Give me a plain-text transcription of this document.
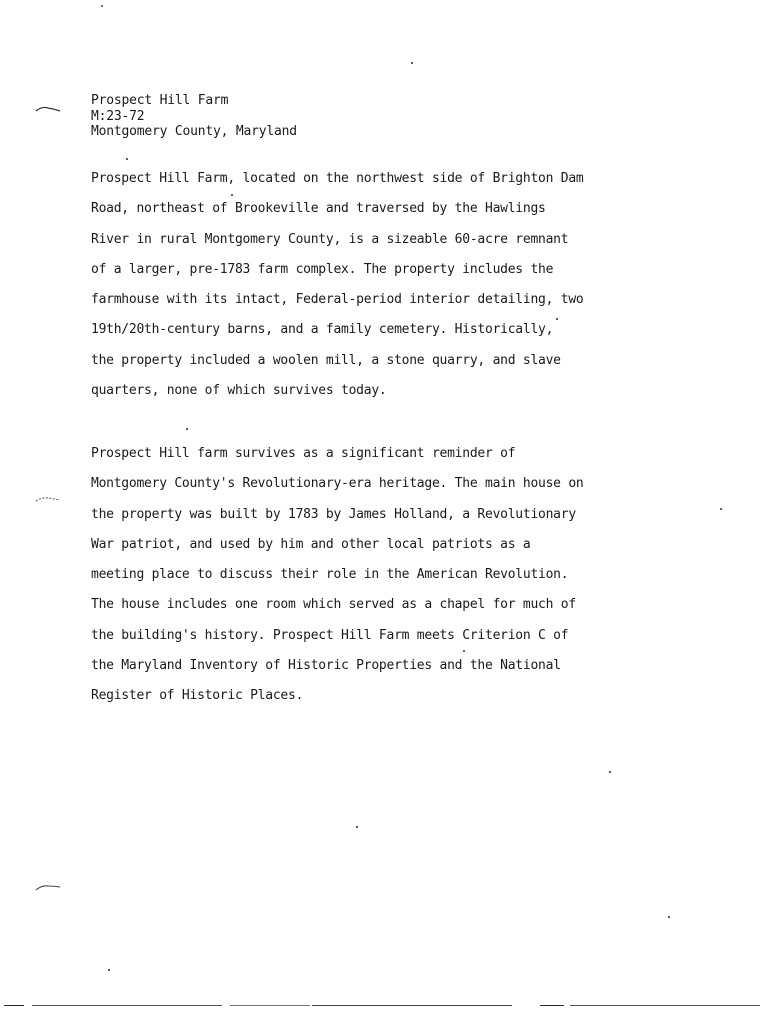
Prospect Hill Farm
M:23-72
Montgomery County, Maryland
Prospect Hill Farm, located on the northwest side of Brighton Dam
Road, northeast of Brookeville and traversed by the Hawlings
River in rural Montgomery County, is a sizeable 60-acre remnant
of a larger, pre-1783 farm complex. The property includes the
farmhouse with its intact, Federal-period interior detailing, two
19th/20th-century barns, and a family cemetery. Historically,
the property included a woolen mill, a stone quarry, and slave
quarters, none of which survives today.
Prospect Hill farm survives as a significant reminder of
Montgomery County's Revolutionary-era heritage. The main house on
the property was built by 1783 by James Holland, a Revolutionary
War patriot, and used by him and other local patriots as a
meeting place to discuss their role in the American Revolution.
The house includes one room which served as a chapel for much of
the building's history. Prospect Hill Farm meets Criterion C of
the Maryland Inventory of Historic Properties and the National
Register of Historic Places.
